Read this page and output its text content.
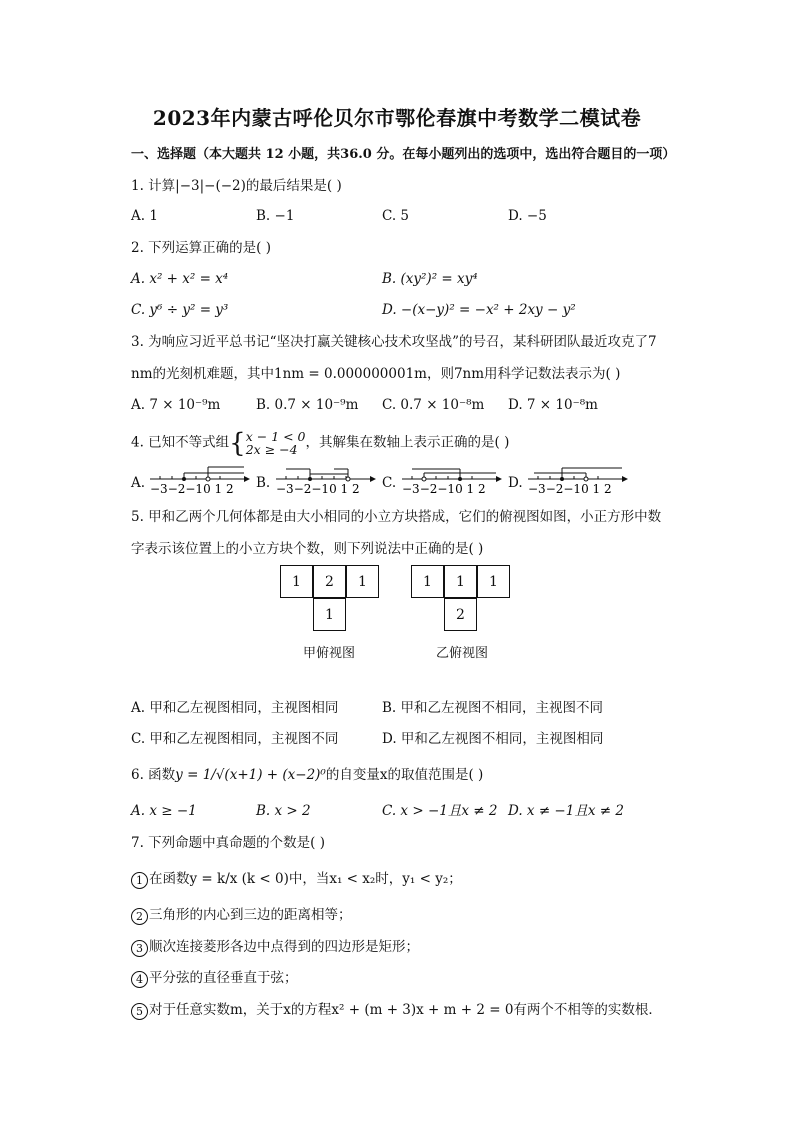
2023年内蒙古呼伦贝尔市鄂伦春旗中考数学二模试卷
一、选择题（本大题共 12 小题，共36.0 分。在每小题列出的选项中，选出符合题目的一项）
1. 计算|−3|−(−2)的最后结果是( )
A. 1	B. −1	C. 5	D. −5
2. 下列运算正确的是( )
A. x² + x² = x⁴	B. (xy²)² = xy⁴
C. y⁶ ÷ y² = y³	D. −(x−y)² = −x² + 2xy − y²
3. 为响应习近平总书记“坚决打赢关键核心技术攻坚战”的号召，某科研团队最近攻克了7
nm的光刻机难题，其中1nm = 0.000000001m，则7nm用科学记数法表示为( )
A. 7 × 10⁻⁹m	B. 0.7 × 10⁻⁹m C. 0.7 × 10⁻⁸m D. 7 × 10⁻⁸m
4. 已知不等式组{ x − 1 < 0
2x ≥ −4 ，其解集在数轴上表示正确的是( )
A.	B.	C.	D.
−3−2−10 1 2	−3−2−10 1 2	−3−2−10 1 2	−3−2−10 1 2
5. 甲和乙两个几何体都是由大小相同的小立方块搭成，它们的俯视图如图，小正方形中数
字表示该位置上的小立方块个数，则下列说法中正确的是( )
1	2	1
1
甲俯视图
1	1	1
2
乙俯视图
A. 甲和乙左视图相同，主视图相同	B. 甲和乙左视图不相同，主视图不同
C. 甲和乙左视图相同，主视图不同	D. 甲和乙左视图不相同，主视图相同
6. 函数y = 1/√(x+1) + (x−2)⁰的自变量x的取值范围是( )
A. x ≥ −1	B. x > 2	C. x > −1且x ≠ 2 D. x ≠ −1且x ≠ 2
7. 下列命题中真命题的个数是( )
1 在函数y = k/x (k < 0)中，当x₁ < x₂时，y₁ < y₂；
2 三角形的内心到三边的距离相等；
3 顺次连接菱形各边中点得到的四边形是矩形；
4 平分弦的直径垂直于弦；
5 对于任意实数m，关于x的方程x² + (m + 3)x + m + 2 = 0有两个不相等的实数根．
